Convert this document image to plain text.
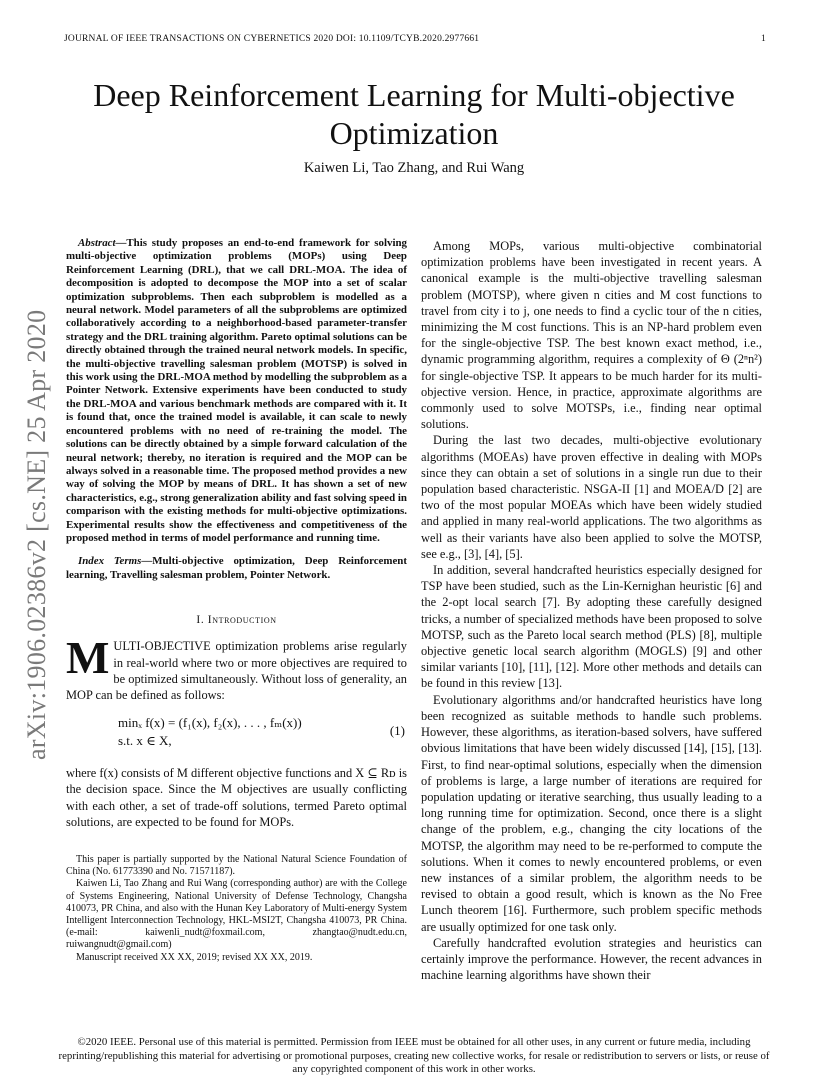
JOURNAL OF IEEE TRANSACTIONS ON CYBERNETICS 2020 DOI: 10.1109/TCYB.2020.2977661	1
arXiv:1906.02386v2 [cs.NE] 25 Apr 2020
Deep Reinforcement Learning for Multi-objective Optimization
Kaiwen Li, Tao Zhang, and Rui Wang

Abstract—This study proposes an end-to-end framework for solving multi-objective optimization problems (MOPs) using Deep Reinforcement Learning (DRL), that we call DRL-MOA. The idea of decomposition is adopted to decompose the MOP into a set of scalar optimization subproblems. Then each subproblem is modelled as a neural network. Model parameters of all the subproblems are optimized collaboratively according to a neighborhood-based parameter-transfer strategy and the DRL training algorithm. Pareto optimal solutions can be directly obtained through the trained neural network models. In specific, the multi-objective travelling salesman problem (MOTSP) is solved in this work using the DRL-MOA method by modelling the subproblem as a Pointer Network. Extensive experiments have been conducted to study the DRL-MOA and various benchmark methods are compared with it. It is found that, once the trained model is available, it can scale to newly encountered problems with no need of re-training the model. The solutions can be directly obtained by a simple forward calculation of the neural network; thereby, no iteration is required and the MOP can be always solved in a reasonable time. The proposed method provides a new way of solving the MOP by means of DRL. It has shown a set of new characteristics, e.g., strong generalization ability and fast solving speed in comparison with the existing methods for multi-objective optimizations. Experimental results show the effectiveness and competitiveness of the proposed method in terms of model performance and running time.

Index Terms—Multi-objective optimization, Deep Reinforcement learning, Travelling salesman problem, Pointer Network.

I. Introduction

MULTI-OBJECTIVE optimization problems arise regularly in real-world where two or more objectives are required to be optimized simultaneously. Without loss of generality, an MOP can be defined as follows:

minₓ f(x) = (f₁(x), f₂(x), . . . , fₘ(x))
s.t. x ∈ X,
(1)

where f(x) consists of M different objective functions and X ⊆ Rᴅ is the decision space. Since the M objectives are usually conflicting with each other, a set of trade-off solutions, termed Pareto optimal solutions, are expected to be found for MOPs.

This paper is partially supported by the National Natural Science Foundation of China (No. 61773390 and No. 71571187).

Kaiwen Li, Tao Zhang and Rui Wang (corresponding author) are with the College of Systems Engineering, National University of Defense Technology, Changsha 410073, PR China, and also with the Hunan Key Laboratory of Multi-energy System Intelligent Interconnection Technology, HKL-MSI2T, Changsha 410073, PR China. (e-mail: kaiwenli_nudt@foxmail.com, zhangtao@nudt.edu.cn, ruiwangnudt@gmail.com)

Manuscript received XX XX, 2019; revised XX XX, 2019.

Among MOPs, various multi-objective combinatorial optimization problems have been investigated in recent years. A canonical example is the multi-objective travelling salesman problem (MOTSP), where given n cities and M cost functions to travel from city i to j, one needs to find a cyclic tour of the n cities, minimizing the M cost functions. This is an NP-hard problem even for the single-objective TSP. The best known exact method, i.e., dynamic programming algorithm, requires a complexity of Θ (2ⁿn²) for single-objective TSP. It appears to be much harder for its multi-objective version. Hence, in practice, approximate algorithms are commonly used to solve MOTSPs, i.e., finding near optimal solutions.

During the last two decades, multi-objective evolutionary algorithms (MOEAs) have proven effective in dealing with MOPs since they can obtain a set of solutions in a single run due to their population based characteristic. NSGA-II [1] and MOEA/D [2] are two of the most popular MOEAs which have been widely studied and applied in many real-world applications. The two algorithms as well as their variants have also been applied to solve the MOTSP, see e.g., [3], [4], [5].

In addition, several handcrafted heuristics especially designed for TSP have been studied, such as the Lin-Kernighan heuristic [6] and the 2-opt local search [7]. By adopting these carefully designed tricks, a number of specialized methods have been proposed to solve MOTSP, such as the Pareto local search method (PLS) [8], multiple objective genetic local search algorithm (MOGLS) [9] and other similar variants [10], [11], [12]. More other methods and details can be found in this review [13].

Evolutionary algorithms and/or handcrafted heuristics have long been recognized as suitable methods to handle such problems. However, these algorithms, as iteration-based solvers, have suffered obvious limitations that have been widely discussed [14], [15], [13]. First, to find near-optimal solutions, especially when the dimension of problems is large, a large number of iterations are required for population updating or iterative searching, thus usually leading to a long running time for optimization. Second, once there is a slight change of the problem, e.g., changing the city locations of the MOTSP, the algorithm may need to be re-performed to compute the solutions. When it comes to newly encountered problems, or even new instances of a similar problem, the algorithm needs to be revised to obtain a good result, which is known as the No Free Lunch theorem [16]. Furthermore, such problem specific methods are usually optimized for one task only.

Carefully handcrafted evolution strategies and heuristics can certainly improve the performance. However, the recent advances in machine learning algorithms have shown their

©2020 IEEE. Personal use of this material is permitted. Permission from IEEE must be obtained for all other uses, in any current or future media, including reprinting/republishing this material for advertising or promotional purposes, creating new collective works, for resale or redistribution to servers or lists, or reuse of any copyrighted component of this work in other works.
